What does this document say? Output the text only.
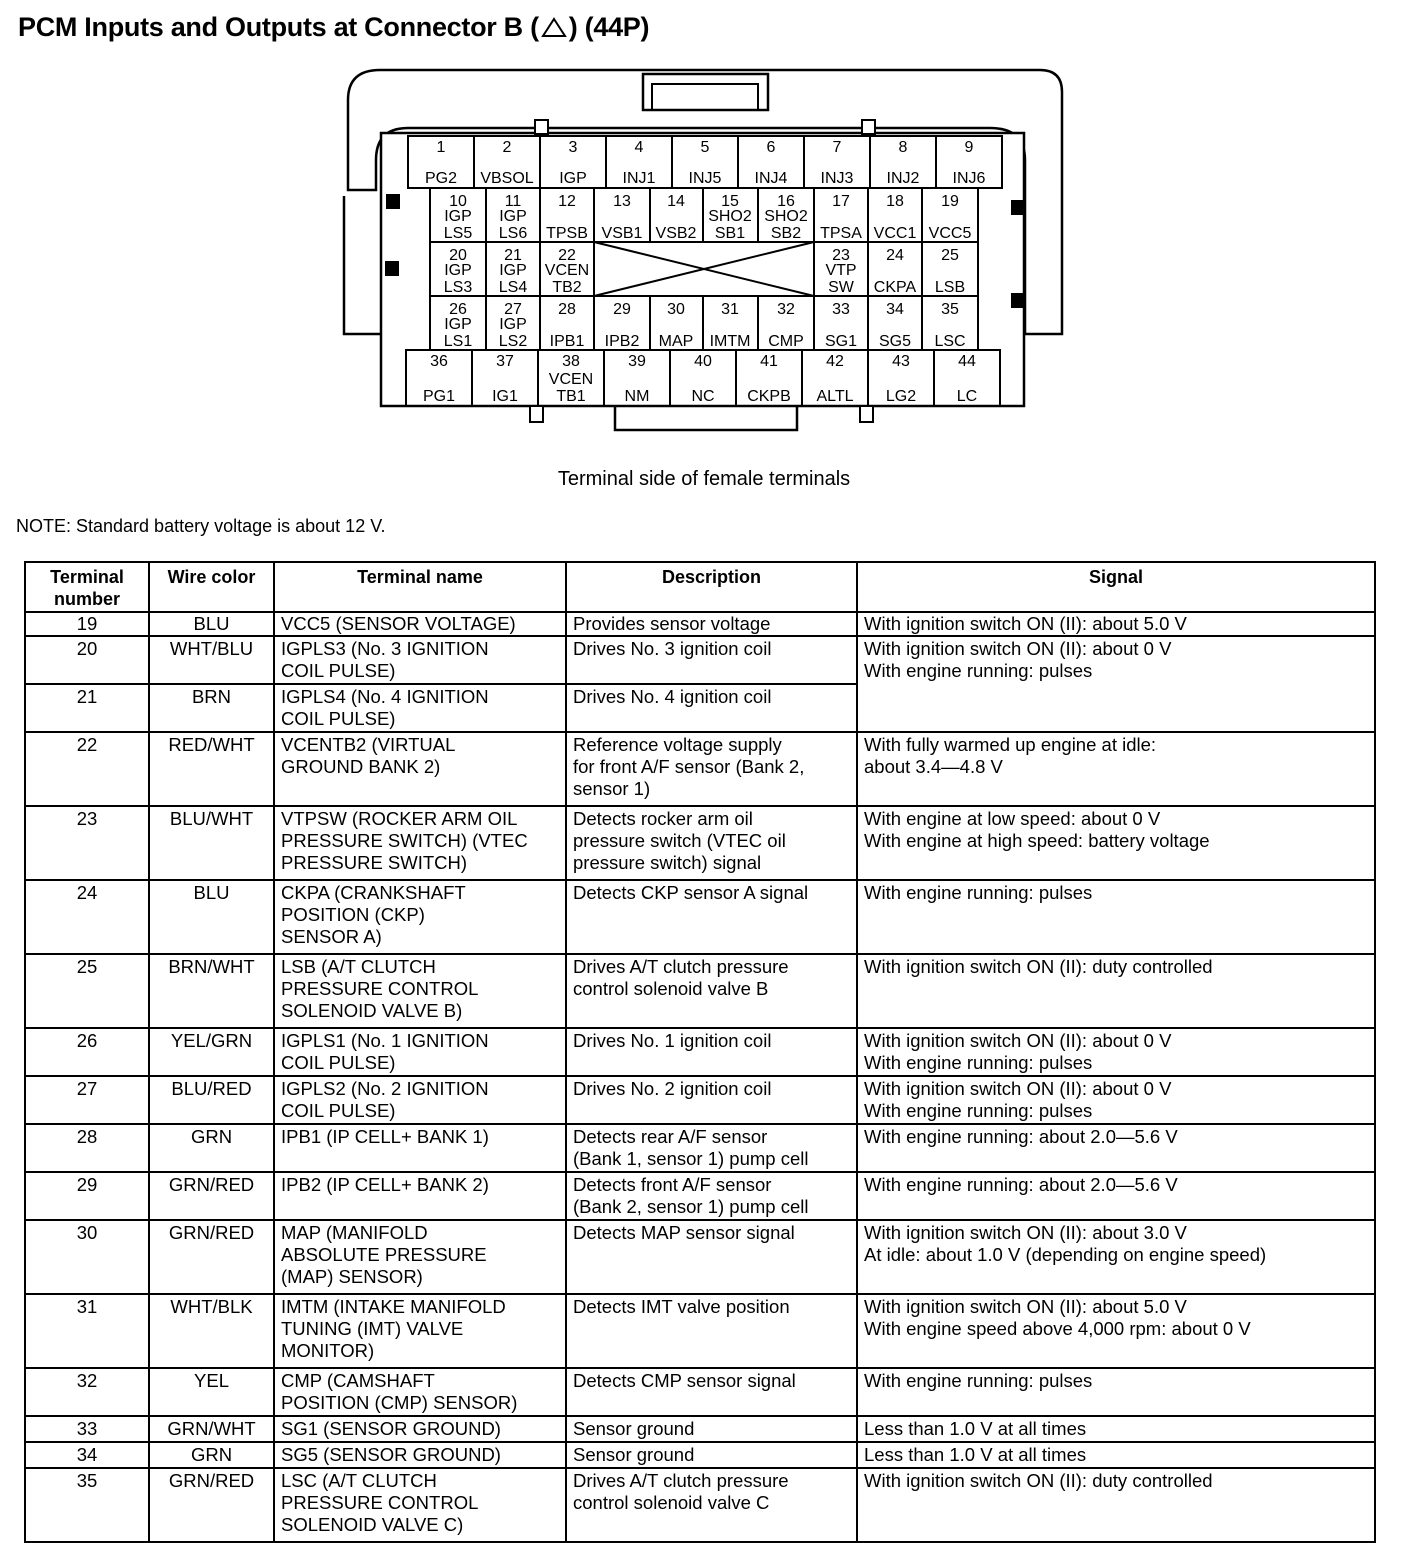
PCM Inputs and Outputs at Connector B ( ) (44P)
1
PG2
2
VBSOL
3
IGP
4
INJ1
5
INJ5
6
INJ4
7
INJ3
8
INJ2
9
INJ6
10
IGP
LS5
11
IGP
LS6
12
TPSB
13
VSB1
14
VSB2
15
SHO2
SB1
16
SHO2
SB2
17
TPSA
18
VCC1
19
VCC5
20
IGP
LS3
21
IGP
LS4
22
VCEN
TB2
23
VTP
SW
24
CKPA
25
LSB
26
IGP
LS1
27
IGP
LS2
28
IPB1
29
IPB2
30
MAP
31
IMTM
32
CMP
33
SG1
34
SG5
35
LSC
36
PG1
37
IG1
38
VCEN
TB1
39
NM
40
NC
41
CKPB
42
ALTL
43
LG2
44
LC
Terminal side of female terminals
NOTE: Standard battery voltage is about 12 V.
Terminal
number	Wire color	Terminal name	Description	Signal
19	BLU	VCC5 (SENSOR VOLTAGE)	Provides sensor voltage	With ignition switch ON (II): about 5.0 V
20	WHT/BLU	IGPLS3 (No. 3 IGNITION
COIL PULSE)	Drives No. 3 ignition coil	With ignition switch ON (II): about 0 V
With engine running: pulses
21	BRN	IGPLS4 (No. 4 IGNITION
COIL PULSE)	Drives No. 4 ignition coil	
22	RED/WHT	VCENTB2 (VIRTUAL
GROUND BANK 2)	Reference voltage supply
for front A/F sensor (Bank 2,
sensor 1)	With fully warmed up engine at idle:
about 3.4—4.8 V
23	BLU/WHT	VTPSW (ROCKER ARM OIL
PRESSURE SWITCH) (VTEC
PRESSURE SWITCH)	Detects rocker arm oil
pressure switch (VTEC oil
pressure switch) signal	With engine at low speed: about 0 V
With engine at high speed: battery voltage
24	BLU	CKPA (CRANKSHAFT
POSITION (CKP)
SENSOR A)	Detects CKP sensor A signal	With engine running: pulses
25	BRN/WHT	LSB (A/T CLUTCH
PRESSURE CONTROL
SOLENOID VALVE B)	Drives A/T clutch pressure
control solenoid valve B	With ignition switch ON (II): duty controlled
26	YEL/GRN	IGPLS1 (No. 1 IGNITION
COIL PULSE)	Drives No. 1 ignition coil	With ignition switch ON (II): about 0 V
With engine running: pulses
27	BLU/RED	IGPLS2 (No. 2 IGNITION
COIL PULSE)	Drives No. 2 ignition coil	With ignition switch ON (II): about 0 V
With engine running: pulses
28	GRN	IPB1 (IP CELL+ BANK 1)	Detects rear A/F sensor
(Bank 1, sensor 1) pump cell	With engine running: about 2.0—5.6 V
29	GRN/RED	IPB2 (IP CELL+ BANK 2)	Detects front A/F sensor
(Bank 2, sensor 1) pump cell	With engine running: about 2.0—5.6 V
30	GRN/RED	MAP (MANIFOLD
ABSOLUTE PRESSURE
(MAP) SENSOR)	Detects MAP sensor signal	With ignition switch ON (II): about 3.0 V
At idle: about 1.0 V (depending on engine speed)
31	WHT/BLK	IMTM (INTAKE MANIFOLD
TUNING (IMT) VALVE
MONITOR)	Detects IMT valve position	With ignition switch ON (II): about 5.0 V
With engine speed above 4,000 rpm: about 0 V
32	YEL	CMP (CAMSHAFT
POSITION (CMP) SENSOR)	Detects CMP sensor signal	With engine running: pulses
33	GRN/WHT	SG1 (SENSOR GROUND)	Sensor ground	Less than 1.0 V at all times
34	GRN	SG5 (SENSOR GROUND)	Sensor ground	Less than 1.0 V at all times
35	GRN/RED	LSC (A/T CLUTCH
PRESSURE CONTROL
SOLENOID VALVE C)	Drives A/T clutch pressure
control solenoid valve C	With ignition switch ON (II): duty controlled
